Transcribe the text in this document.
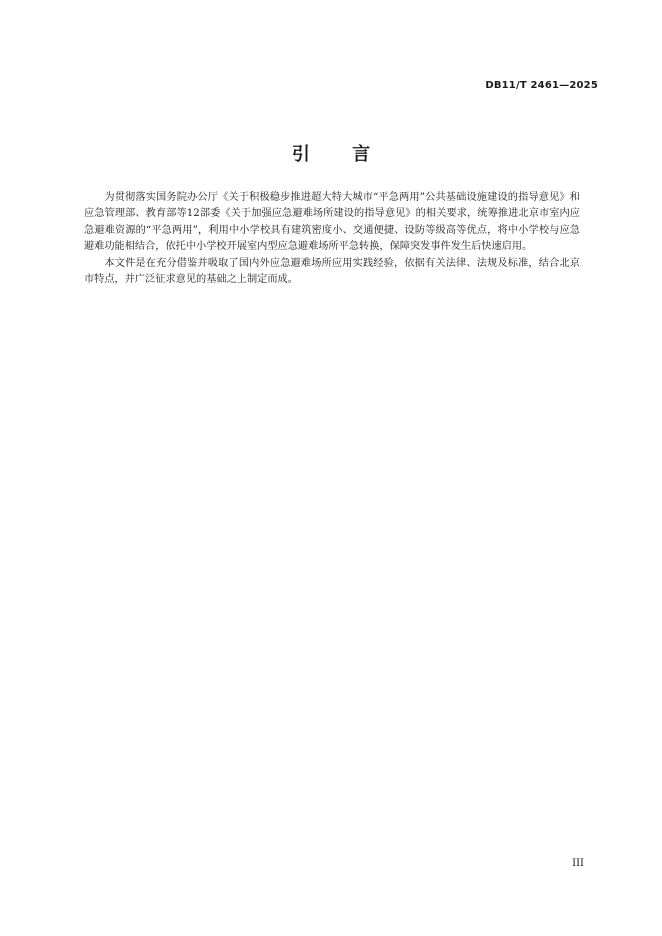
DB11/T 2461—2025
引 言

为贯彻落实国务院办公厅《关于积极稳步推进超大特大城市“平急两用”公共基础设施建设的指导意见》和应急管理部、教育部等12部委《关于加强应急避难场所建设的指导意见》的相关要求，统筹推进北京市室内应急避难资源的“平急两用”，利用中小学校具有建筑密度小、交通便捷、设防等级高等优点，将中小学校与应急避难功能相结合，依托中小学校开展室内型应急避难场所平急转换，保障突发事件发生后快速启用。

本文件是在充分借鉴并吸取了国内外应急避难场所应用实践经验，依据有关法律、法规及标准，结合北京市特点，并广泛征求意见的基础之上制定而成。

III
